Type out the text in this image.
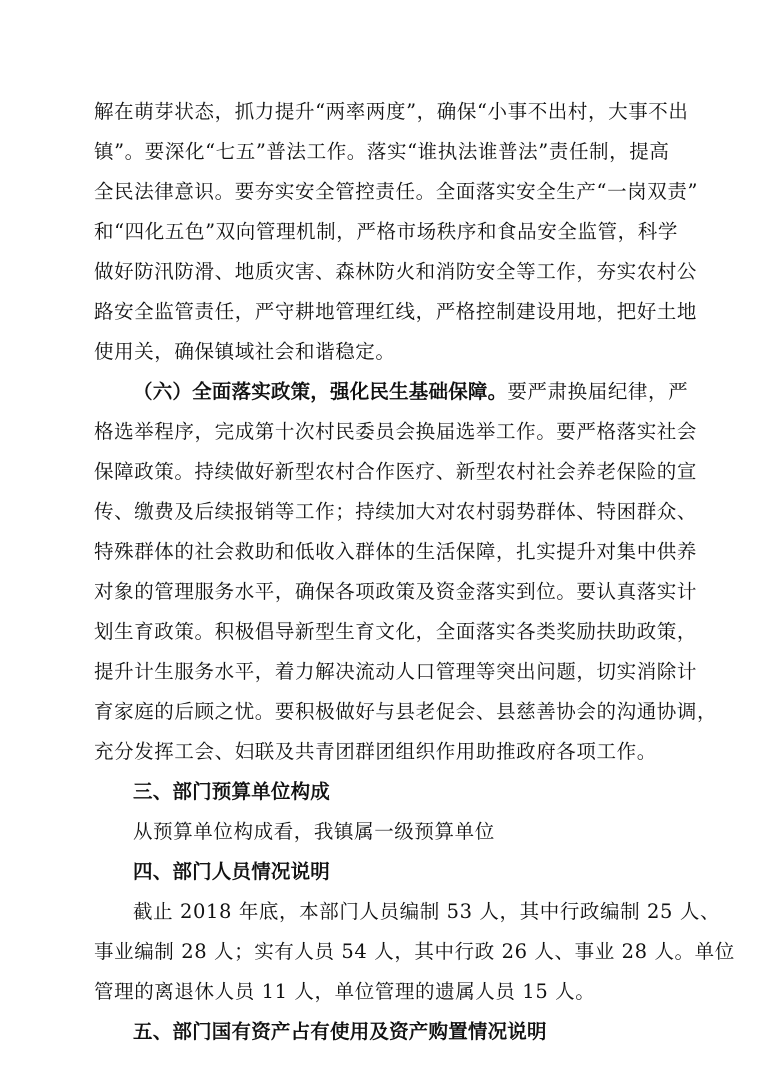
解在萌芽状态，抓力提升“两率两度”，确保“小事不出村，大事不出
镇”。要深化“七五”普法工作。落实“谁执法谁普法”责任制，提高
全民法律意识。要夯实安全管控责任。全面落实安全生产“一岗双责”
和“四化五色”双向管理机制，严格市场秩序和食品安全监管，科学
做好防汛防滑、地质灾害、森林防火和消防安全等工作，夯实农村公
路安全监管责任，严守耕地管理红线，严格控制建设用地，把好土地
使用关，确保镇域社会和谐稳定。
（六）全面落实政策，强化民生基础保障。要严肃换届纪律，严
格选举程序，完成第十次村民委员会换届选举工作。要严格落实社会
保障政策。持续做好新型农村合作医疗、新型农村社会养老保险的宣
传、缴费及后续报销等工作；持续加大对农村弱势群体、特困群众、
特殊群体的社会救助和低收入群体的生活保障，扎实提升对集中供养
对象的管理服务水平，确保各项政策及资金落实到位。要认真落实计
划生育政策。积极倡导新型生育文化，全面落实各类奖励扶助政策，
提升计生服务水平，着力解决流动人口管理等突出问题，切实消除计
育家庭的后顾之忧。要积极做好与县老促会、县慈善协会的沟通协调，
充分发挥工会、妇联及共青团群团组织作用助推政府各项工作。
三、部门预算单位构成
从预算单位构成看，我镇属一级预算单位
四、部门人员情况说明
截止 2018 年底，本部门人员编制 53 人，其中行政编制 25 人、
事业编制 28 人；实有人员 54 人，其中行政 26 人、事业 28 人。单位
管理的离退休人员 11 人，单位管理的遗属人员 15 人。
五、部门国有资产占有使用及资产购置情况说明
